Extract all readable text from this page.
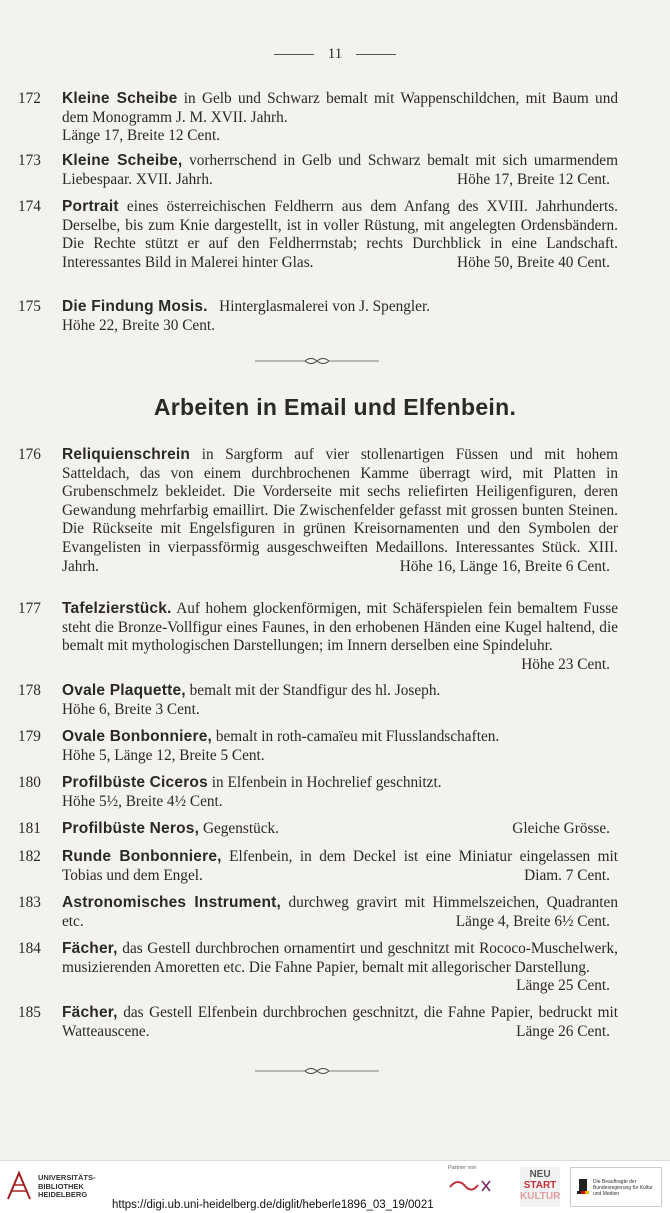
11
172	Kleine Scheibe in Gelb und Schwarz bemalt mit Wappenschildchen, mit Baum und dem Monogramm J. M. XVII. Jahrh.
Länge 17, Breite 12 Cent.
173	Kleine Scheibe, vorherrschend in Gelb und Schwarz bemalt mit sich umarmendem Liebespaar. XVII. Jahrh.	Höhe 17, Breite 12 Cent.
174	Portrait eines österreichischen Feldherrn aus dem Anfang des XVIII. Jahrhunderts. Derselbe, bis zum Knie dargestellt, ist in voller Rüstung, mit angelegten Ordensbändern. Die Rechte stützt er auf den Feldherrnstab; rechts Durchblick in eine Landschaft. Interessantes Bild in Malerei hinter Glas.	Höhe 50, Breite 40 Cent.
175	Die Findung Mosis. Hinterglasmalerei von J. Spengler.
Höhe 22, Breite 30 Cent.
Arbeiten in Email und Elfenbein.
176	Reliquienschrein in Sargform auf vier stollenartigen Füssen und mit hohem Satteldach, das von einem durchbrochenen Kamme überragt wird, mit Platten in Grubenschmelz bekleidet. Die Vorderseite mit sechs reliefirten Heiligenfiguren, deren Gewandung mehrfarbig emaillirt. Die Zwischenfelder gefasst mit grossen bunten Steinen. Die Rückseite mit Engelsfiguren in grünen Kreisornamenten und den Symbolen der Evangelisten in vierpassförmig ausgeschweiften Medaillons. Interessantes Stück. XIII. Jahrh.	Höhe 16, Länge 16, Breite 6 Cent.
177	Tafelzierstück. Auf hohem glockenförmigen, mit Schäferspielen fein bemaltem Fusse steht die Bronze-Vollfigur eines Faunes, in den erhobenen Händen eine Kugel haltend, die bemalt mit mythologischen Darstellungen; im Innern derselben eine Spindeluhr.
Höhe 23 Cent.
178	Ovale Plaquette, bemalt mit der Standfigur des hl. Joseph.
Höhe 6, Breite 3 Cent.
179	Ovale Bonbonniere, bemalt in roth-camaïeu mit Flusslandschaften.
Höhe 5, Länge 12, Breite 5 Cent.
180	Profilbüste Ciceros in Elfenbein in Hochrelief geschnitzt.
Höhe 5½, Breite 4½ Cent.
181	Profilbüste Neros, Gegenstück.	Gleiche Grösse.
182	Runde Bonbonniere, Elfenbein, in dem Deckel ist eine Miniatur eingelassen mit Tobias und dem Engel.	Diam. 7 Cent.
183	Astronomisches Instrument, durchweg gravirt mit Himmelszeichen, Quadranten etc.	Länge 4, Breite 6½ Cent.
184	Fächer, das Gestell durchbrochen ornamentirt und geschnitzt mit Rococo-Muschelwerk, musizierenden Amoretten etc. Die Fahne Papier, bemalt mit allegorischer Darstellung.
Länge 25 Cent.
185	Fächer, das Gestell Elfenbein durchbrochen geschnitzt, die Fahne Papier, bedruckt mit Watteauscene.	Länge 26 Cent.
UNIVERSITÄTS-
BIBLIOTHEK
HEIDELBERG
https://digi.ub.uni-heidelberg.de/diglit/heberle1896_03_19/0021
Partner von
NEU
START
KULTUR
Die Beauftragte der Bundesregierung für Kultur und Medien
